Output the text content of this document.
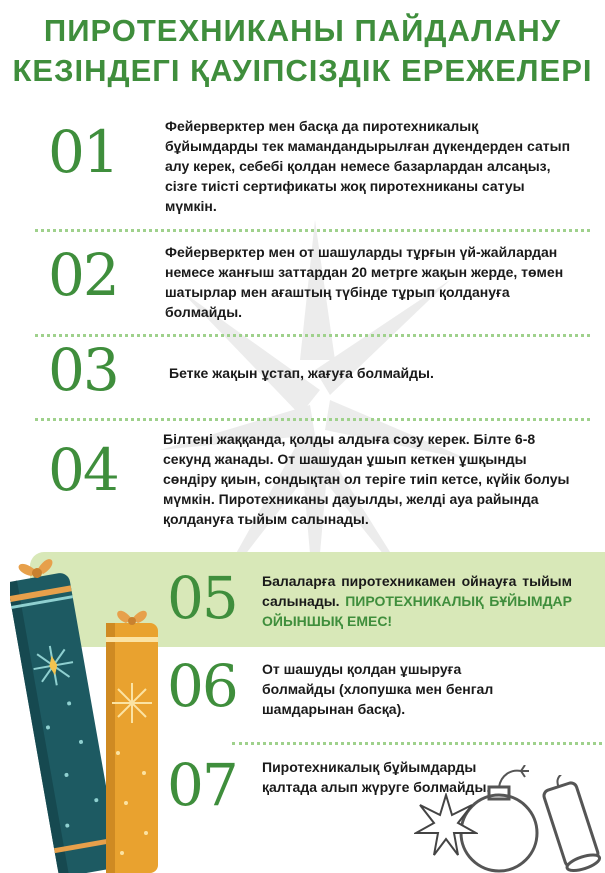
ПИРОТЕХНИКАНЫ ПАЙДАЛАНУ
КЕЗІНДЕГІ ҚАУІПСІЗДІК ЕРЕЖЕЛЕРІ
01	Фейерверктер мен басқа да пиротехникалық бұйымдарды тек мамандандырылған дүкендерден сатып алу керек, себебі қолдан немесе базарлардан алсаңыз, сізге тиісті сертификаты жоқ пиротехниканы сатуы мүмкін.
02	Фейерверктер мен от шашуларды тұрғын үй-жайлардан немесе жанғыш заттардан 20 метрге жақын жерде, төмен шатырлар мен ағаштың түбінде тұрып қолдануға болмайды.
03	Бетке жақын ұстап, жағуға болмайды.
04	Білтені жаққанда, қолды алдыға созу керек. Білте 6-8 секунд жанады. От шашудан ұшып кеткен ұшқынды сөндіру қиын, сондықтан ол теріге тиіп кетсе, күйік болуы мүмкін. Пиротехниканы дауылды, желді ауа райында қолдануға тыйым салынады.
05 Балаларға пиротехникамен ойнауға тыйым салынады. ПИРОТЕХНИКАЛЫҚ БҰЙЫМДАР ОЙЫНШЫҚ ЕМЕС!
06 От шашуды қолдан ұшыруға болмайды (хлопушка мен бенгал шамдарынан басқа).
07 Пиротехникалық бұйымдарды қалтада алып жүруге болмайды.
